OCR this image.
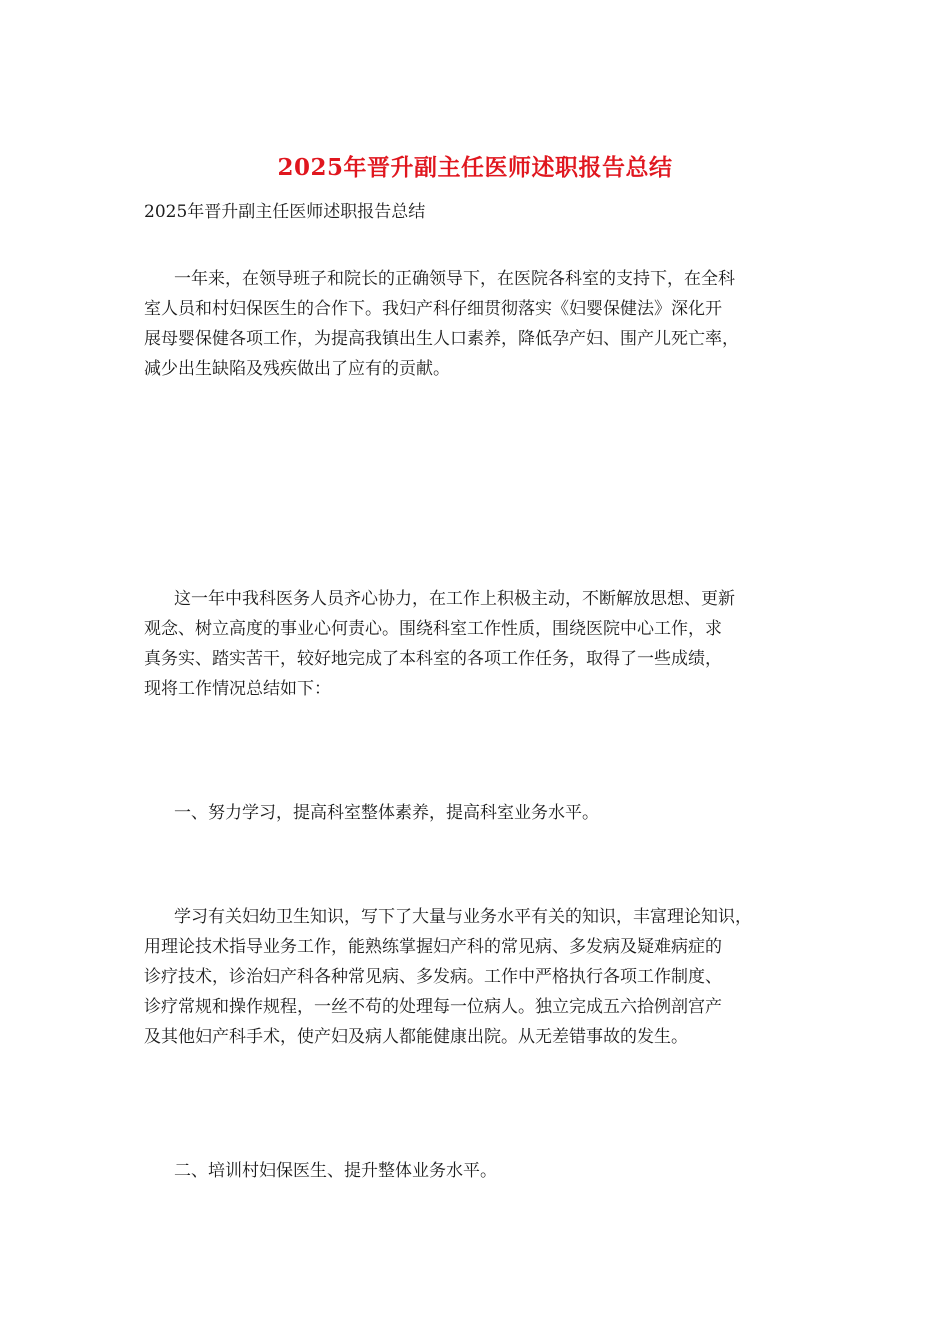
2025年晋升副主任医师述职报告总结
2025年晋升副主任医师述职报告总结
一年来，在领导班子和院长的正确领导下，在医院各科室的支持下，在全科
室人员和村妇保医生的合作下。我妇产科仔细贯彻落实《妇婴保健法》深化开
展母婴保健各项工作，为提高我镇出生人口素养，降低孕产妇、围产儿死亡率，
减少出生缺陷及残疾做出了应有的贡献。
这一年中我科医务人员齐心协力，在工作上积极主动，不断解放思想、更新
观念、树立高度的事业心何责心。围绕科室工作性质，围绕医院中心工作，求
真务实、踏实苦干，较好地完成了本科室的各项工作任务，取得了一些成绩，
现将工作情况总结如下：
一、努力学习，提高科室整体素养，提高科室业务水平。
学习有关妇幼卫生知识，写下了大量与业务水平有关的知识，丰富理论知识，
用理论技术指导业务工作，能熟练掌握妇产科的常见病、多发病及疑难病症的
诊疗技术，诊治妇产科各种常见病、多发病。工作中严格执行各项工作制度、
诊疗常规和操作规程，一丝不苟的处理每一位病人。独立完成五六拾例剖宫产
及其他妇产科手术，使产妇及病人都能健康出院。从无差错事故的发生。
二、培训村妇保医生、提升整体业务水平。
